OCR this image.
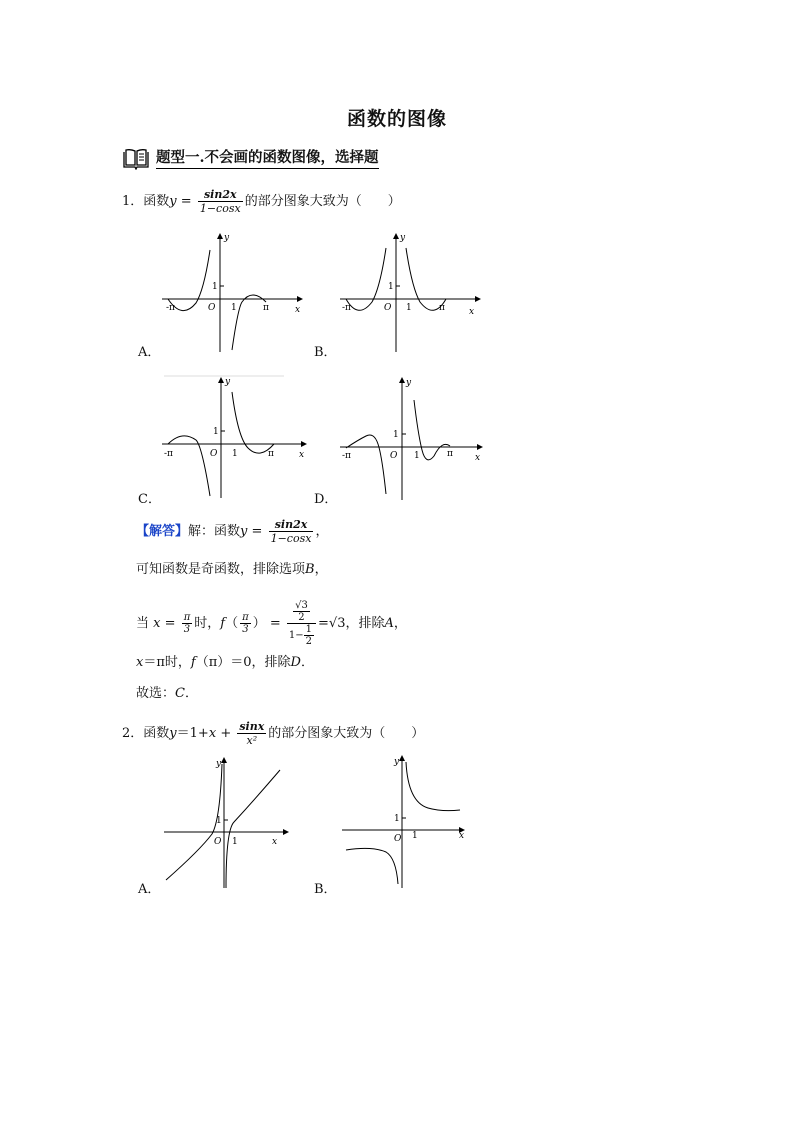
函数的图像
题型一.不会画的函数图像，选择题
1．函数$y = \frac{\sin 2x}{1-\cos x}$ 的部分图象大致为（　　）
y
x
O
1
1	π
-π
A．
y
x
O
1
1	π
-π
B．
y
x
O
1
1	π
-π
C．
y
x
O
1
1	π
-π
D．
【解答】解：函数$y = \frac{\sin 2x}{1-\cos x}$ ，
可知函数是奇函数，排除选项B，
当 $x = \frac{\pi}{3}$ 时，$f( \frac{\pi}{3}$ ） = $\frac{\frac{√3}{2}}{1- \frac{1}{2}} =√3$，排除A，
x＝π时，f（π）＝0，排除D．
故选：C．
2．函数$y=1+x + \frac{\sin x}{\text{x²}}$ 的部分图象大致为（　　）
y
x
O
1
1
A．
y
x
O
1
1
B．
